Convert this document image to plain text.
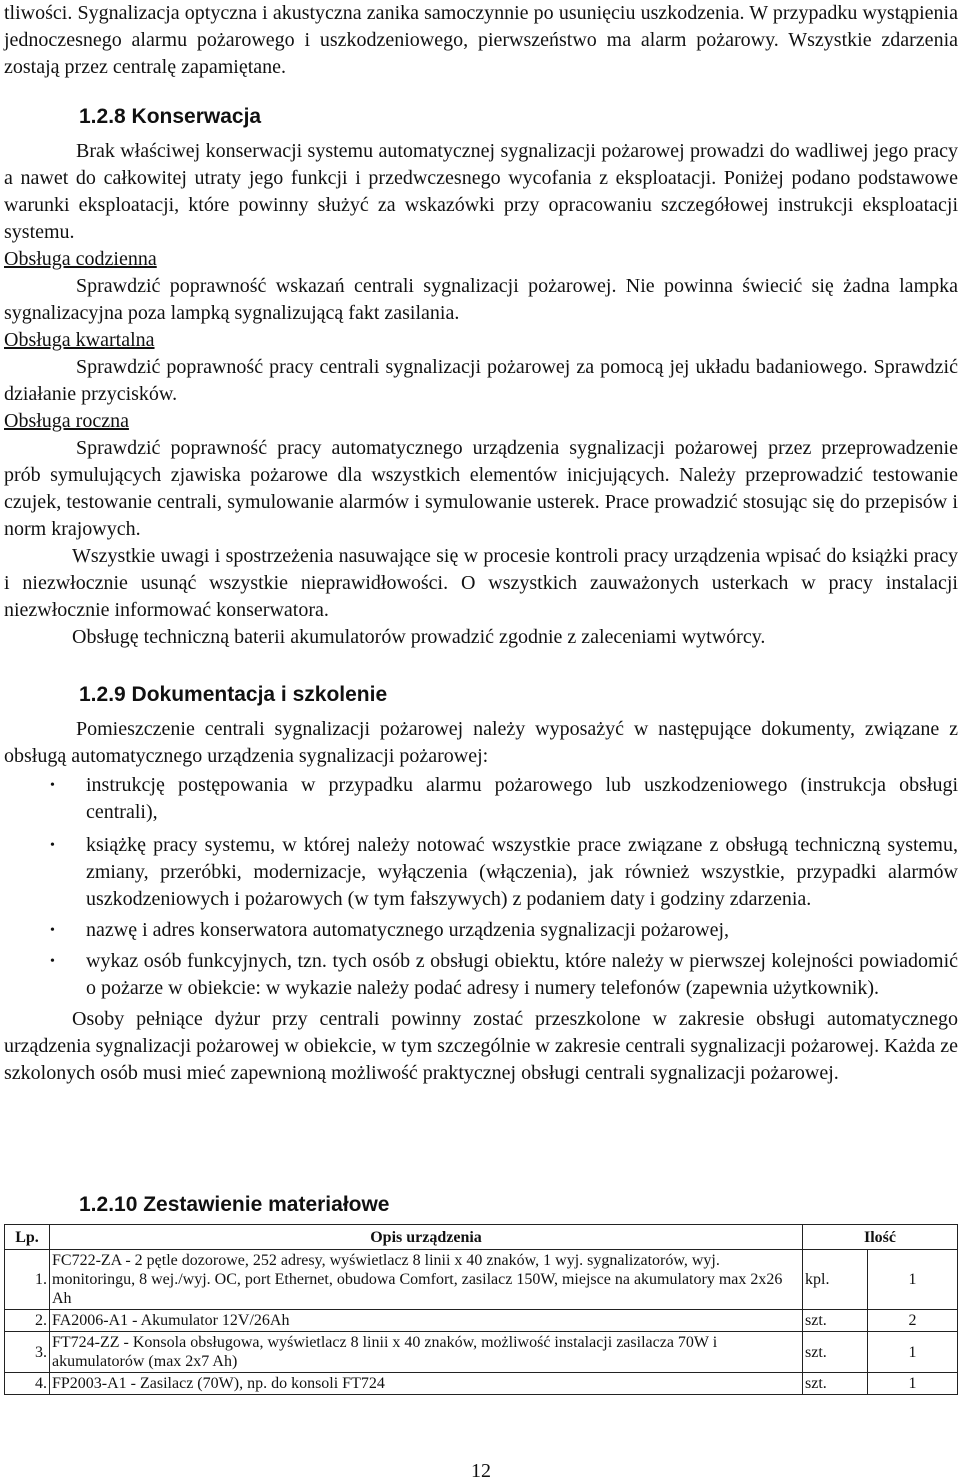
tliwości. Sygnalizacja optyczna i akustyczna zanika samoczynnie po usunięciu uszkodzenia. W przypadku wystąpienia jednoczesnego alarmu pożarowego i uszkodzeniowego, pierwszeństwo ma alarm pożarowy. Wszystkie zdarzenia zostają przez centralę zapamiętane.

1.2.8 Konserwacja

Brak właściwej konserwacji systemu automatycznej sygnalizacji pożarowej prowadzi do wadliwej jego pracy a nawet do całkowitej utraty jego funkcji i przedwczesnego wycofania z eksploatacji. Poniżej podano podstawowe warunki eksploatacji, które powinny służyć za wskazówki przy opracowaniu szczegółowej instrukcji eksploatacji systemu.

Obsługa codzienna

Sprawdzić poprawność wskazań centrali sygnalizacji pożarowej. Nie powinna świecić się żadna lampka sygnalizacyjna poza lampką sygnalizującą fakt zasilania.

Obsługa kwartalna

Sprawdzić poprawność pracy centrali sygnalizacji pożarowej za pomocą jej układu badaniowego. Sprawdzić działanie przycisków.

Obsługa roczna

Sprawdzić poprawność pracy automatycznego urządzenia sygnalizacji pożarowej przez przeprowadzenie prób symulujących zjawiska pożarowe dla wszystkich elementów inicjujących. Należy przeprowadzić testowanie czujek, testowanie centrali, symulowanie alarmów i symulowanie usterek. Prace prowadzić stosując się do przepisów i norm krajowych.

Wszystkie uwagi i spostrzeżenia nasuwające się w procesie kontroli pracy urządzenia wpisać do książki pracy i niezwłocznie usunąć wszystkie nieprawidłowości. O wszystkich zauważonych usterkach w pracy instalacji niezwłocznie informować konserwatora.

Obsługę techniczną baterii akumulatorów prowadzić zgodnie z zaleceniami wytwórcy.

1.2.9 Dokumentacja i szkolenie

Pomieszczenie centrali sygnalizacji pożarowej należy wyposażyć w następujące dokumenty, związane z obsługą automatycznego urządzenia sygnalizacji pożarowej:

• instrukcję postępowania w przypadku alarmu pożarowego lub uszkodzeniowego (instrukcja obsługi centrali),

• książkę pracy systemu, w której należy notować wszystkie prace związane z obsługą techniczną systemu, zmiany, przeróbki, modernizacje, wyłączenia (włączenia), jak również wszystkie, przypadki alarmów uszkodzeniowych i pożarowych (w tym fałszywych) z podaniem daty i godziny zdarzenia.

• nazwę i adres konserwatora automatycznego urządzenia sygnalizacji pożarowej,

• wykaz osób funkcyjnych, tzn. tych osób z obsługi obiektu, które należy w pierwszej kolejności powiadomić o pożarze w obiekcie: w wykazie należy podać adresy i numery telefonów (zapewnia użytkownik).

Osoby pełniące dyżur przy centrali powinny zostać przeszkolone w zakresie obsługi automatycznego urządzenia sygnalizacji pożarowej w obiekcie, w tym szczególnie w zakresie centrali sygnalizacji pożarowej. Każda ze szkolonych osób musi mieć zapewnioną możliwość praktycznej obsługi centrali sygnalizacji pożarowej.

1.2.10 Zestawienie materiałowe
Lp.	Opis urządzenia	Ilość	
1.	FC722-ZA - 2 pętle dozorowe, 252 adresy, wyświetlacz 8 linii x 40 znaków, 1 wyj. sygnalizatorów, wyj. monitoringu, 8 wej./wyj. OC, port Ethernet, obudowa Comfort, zasilacz 150W, miejsce na akumulatory max 2x26 Ah	kpl.	1
2.	FA2006-A1 - Akumulator 12V/26Ah	szt.	2
3.	FT724-ZZ - Konsola obsługowa, wyświetlacz 8 linii x 40 znaków, możliwość instalacji zasilacza 70W i akumulatorów (max 2x7 Ah)	szt.	1
4.	FP2003-A1 - Zasilacz (70W), np. do konsoli FT724	szt.	1
12
